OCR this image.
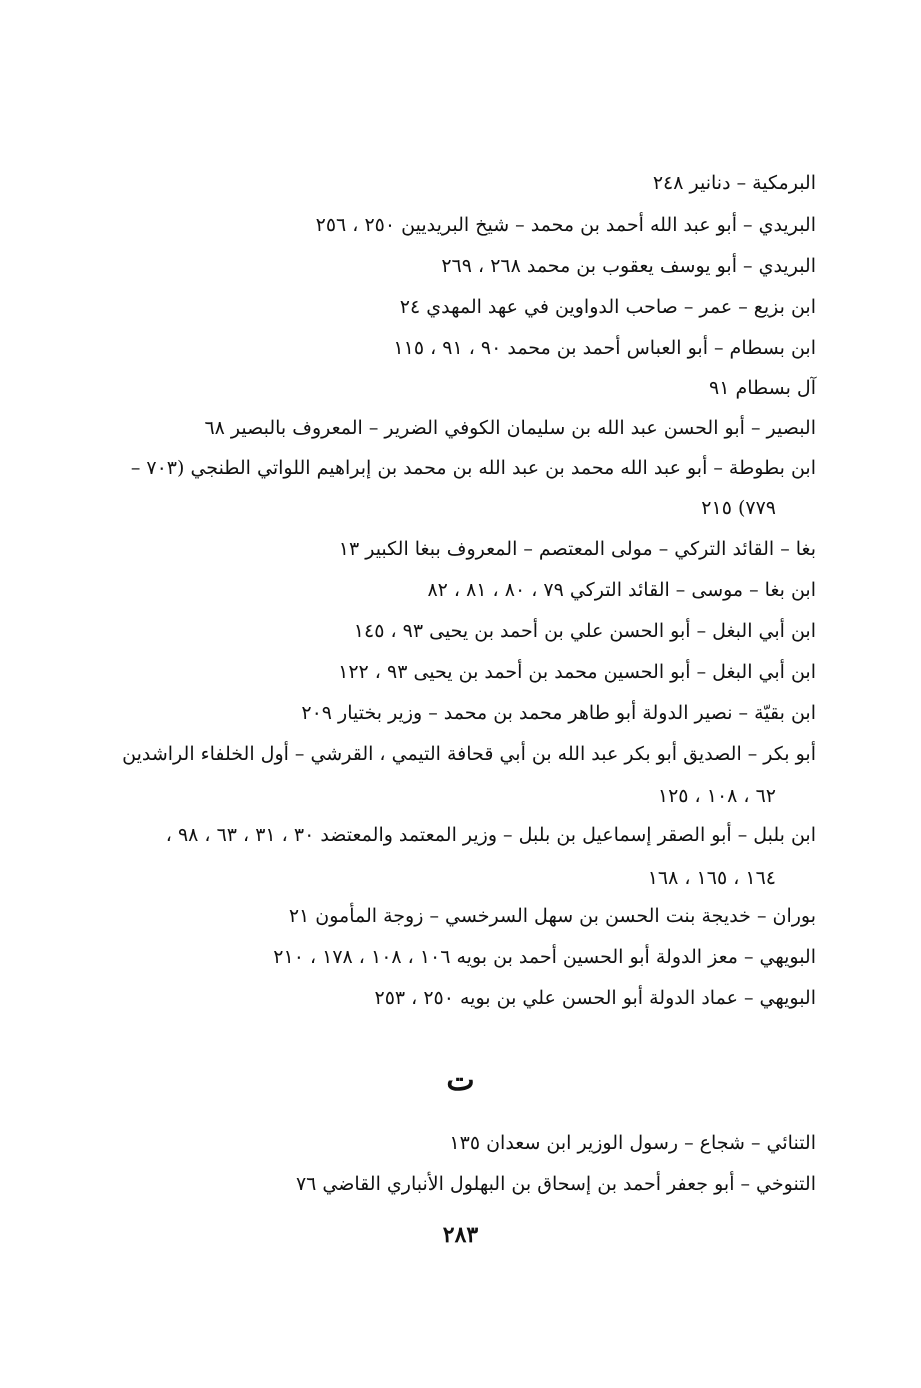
البرمكية – دنانير ٢٤٨
البريدي – أبو عبد الله أحمد بن محمد – شيخ البريديين ٢٥٠ ، ٢٥٦
البريدي – أبو يوسف يعقوب بن محمد ٢٦٨ ، ٢٦٩
ابن بزيع – عمر – صاحب الدواوين في عهد المهدي ٢٤
ابن بسطام – أبو العباس أحمد بن محمد ٩٠ ، ٩١ ، ١١٥
آل بسطام ٩١
البصير – أبو الحسن عبد الله بن سليمان الكوفي الضرير – المعروف بالبصير ٦٨
ابن بطوطة – أبو عبد الله محمد بن عبد الله بن محمد بن إبراهيم اللواتي الطنجي (٧٠٣ –
٧٧٩) ٢١٥
بغا – القائد التركي – مولى المعتصم – المعروف ببغا الكبير ١٣
ابن بغا – موسى – القائد التركي ٧٩ ، ٨٠ ، ٨١ ، ٨٢
ابن أبي البغل – أبو الحسن علي بن أحمد بن يحيى ٩٣ ، ١٤٥
ابن أبي البغل – أبو الحسين محمد بن أحمد بن يحيى ٩٣ ، ١٢٢
ابن بقيّة – نصير الدولة أبو طاهر محمد بن محمد – وزير بختيار ٢٠٩
أبو بكر – الصديق أبو بكر عبد الله بن أبي قحافة التيمي ، القرشي – أول الخلفاء الراشدين
٦٢ ، ١٠٨ ، ١٢٥
ابن بلبل – أبو الصقر إسماعيل بن بلبل – وزير المعتمد والمعتضد ٣٠ ، ٣١ ، ٦٣ ، ٩٨ ،
١٦٤ ، ١٦٥ ، ١٦٨
بوران – خديجة بنت الحسن بن سهل السرخسي – زوجة المأمون ٢١
البويهي – معز الدولة أبو الحسين أحمد بن بويه ١٠٦ ، ١٠٨ ، ١٧٨ ، ٢١٠
البويهي – عماد الدولة أبو الحسن علي بن بويه ٢٥٠ ، ٢٥٣
ت
التنائي – شجاع – رسول الوزير ابن سعدان ١٣٥
التنوخي – أبو جعفر أحمد بن إسحاق بن البهلول الأنباري القاضي ٧٦
٢٨٣
